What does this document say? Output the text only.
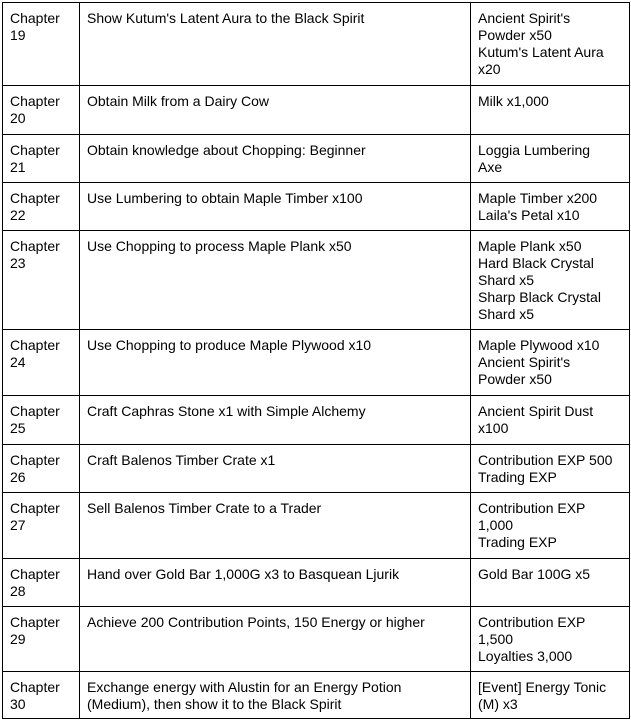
Chapter
19	Show Kutum's Latent Aura to the Black Spirit	Ancient Spirit's
Powder x50
Kutum's Latent Aura
x20

Chapter
20	Obtain Milk from a Dairy Cow	Milk x1,000

Chapter
21	Obtain knowledge about Chopping: Beginner	Loggia Lumbering
Axe

Chapter
22	Use Lumbering to obtain Maple Timber x100	Maple Timber x200
Laila's Petal x10

Chapter
23	Use Chopping to process Maple Plank x50	Maple Plank x50
Hard Black Crystal
Shard x5
Sharp Black Crystal
Shard x5

Chapter
24	Use Chopping to produce Maple Plywood x10	Maple Plywood x10
Ancient Spirit's
Powder x50

Chapter
25	Craft Caphras Stone x1 with Simple Alchemy	Ancient Spirit Dust
x100

Chapter
26	Craft Balenos Timber Crate x1	Contribution EXP 500
Trading EXP

Chapter
27	Sell Balenos Timber Crate to a Trader	Contribution EXP
1,000
Trading EXP

Chapter
28	Hand over Gold Bar 1,000G x3 to Basquean Ljurik	Gold Bar 100G x5

Chapter
29	Achieve 200 Contribution Points, 150 Energy or higher	Contribution EXP
1,500
Loyalties 3,000

Chapter
30	Exchange energy with Alustin for an Energy Potion
(Medium), then show it to the Black Spirit	[Event] Energy Tonic
(M) x3
